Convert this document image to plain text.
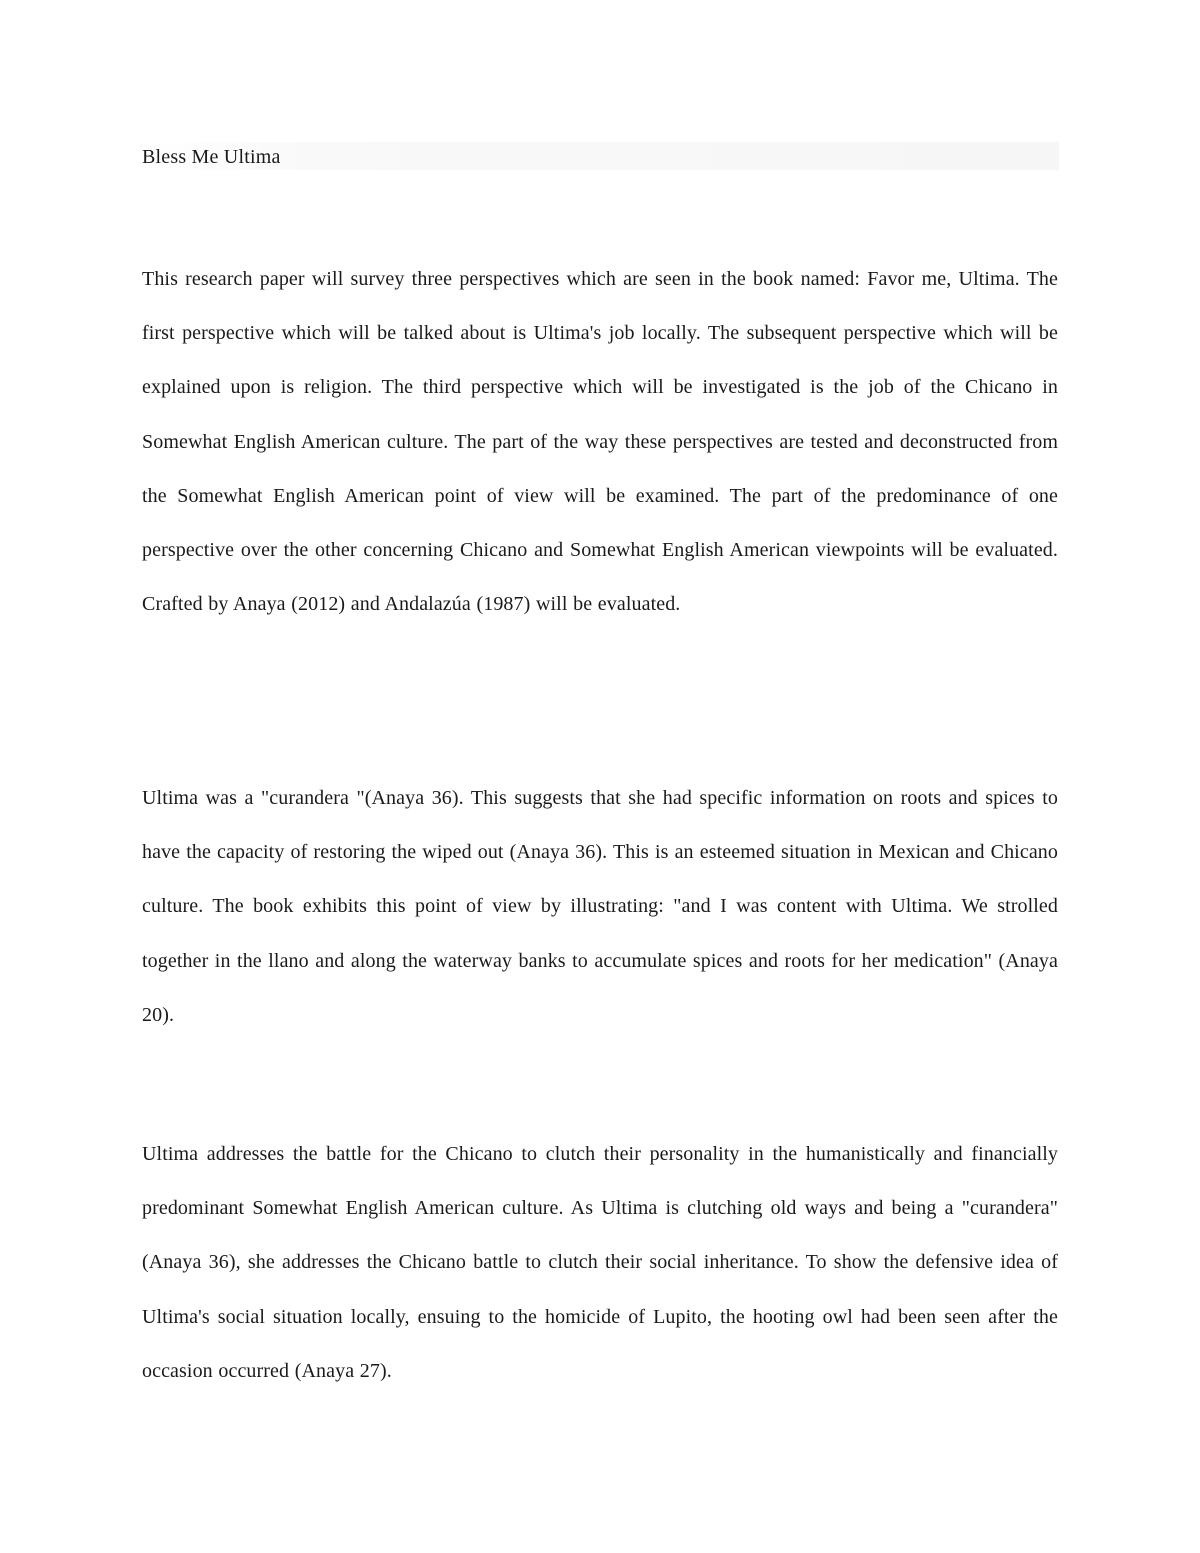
Bless Me Ultima

This research paper will survey three perspectives which are seen in the book named: Favor me, Ultima. The first perspective which will be talked about is Ultima's job locally. The subsequent perspective which will be explained upon is religion. The third perspective which will be investigated is the job of the Chicano in Somewhat English American culture. The part of the way these perspectives are tested and deconstructed from the Somewhat English American point of view will be examined. The part of the predominance of one perspective over the other concerning Chicano and Somewhat English American viewpoints will be evaluated. Crafted by Anaya (2012) and Andalazúa (1987) will be evaluated.

Ultima was a "curandera "(Anaya 36). This suggests that she had specific information on roots and spices to have the capacity of restoring the wiped out (Anaya 36). This is an esteemed situation in Mexican and Chicano culture. The book exhibits this point of view by illustrating: "and I was content with Ultima. We strolled together in the llano and along the waterway banks to accumulate spices and roots for her medication" (Anaya 20).

Ultima addresses the battle for the Chicano to clutch their personality in the humanistically and financially predominant Somewhat English American culture. As Ultima is clutching old ways and being a "curandera" (Anaya 36), she addresses the Chicano battle to clutch their social inheritance. To show the defensive idea of Ultima's social situation locally, ensuing to the homicide of Lupito, the hooting owl had been seen after the occasion occurred (Anaya 27).
